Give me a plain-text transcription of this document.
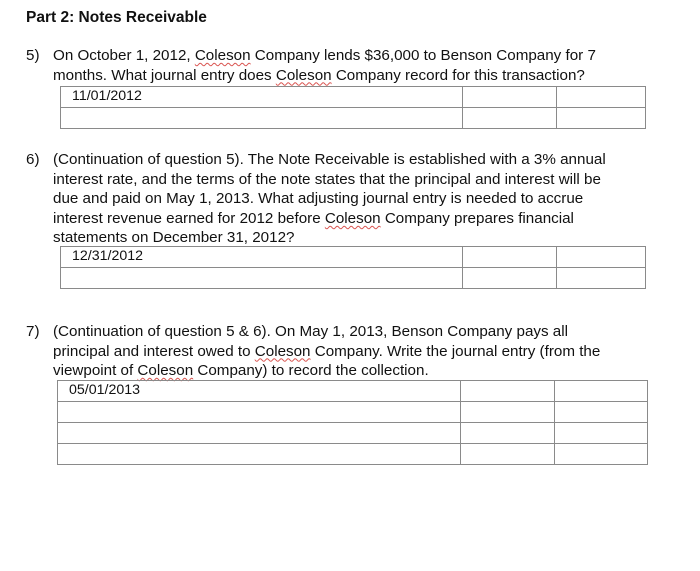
Part 2: Notes Receivable
5) On October 1, 2012, Coleson Company lends $36,000 to Benson Company for 7
months. What journal entry does Coleson Company record for this transaction?
11/01/2012		

6) (Continuation of question 5). The Note Receivable is established with a 3% annual
interest rate, and the terms of the note states that the principal and interest will be
due and paid on May 1, 2013. What adjusting journal entry is needed to accrue
interest revenue earned for 2012 before Coleson Company prepares financial
statements on December 31, 2012?
12/31/2012		

7) (Continuation of question 5 & 6). On May 1, 2013, Benson Company pays all
principal and interest owed to Coleson Company. Write the journal entry (from the
viewpoint of Coleson Company) to record the collection.
05/01/2013		
